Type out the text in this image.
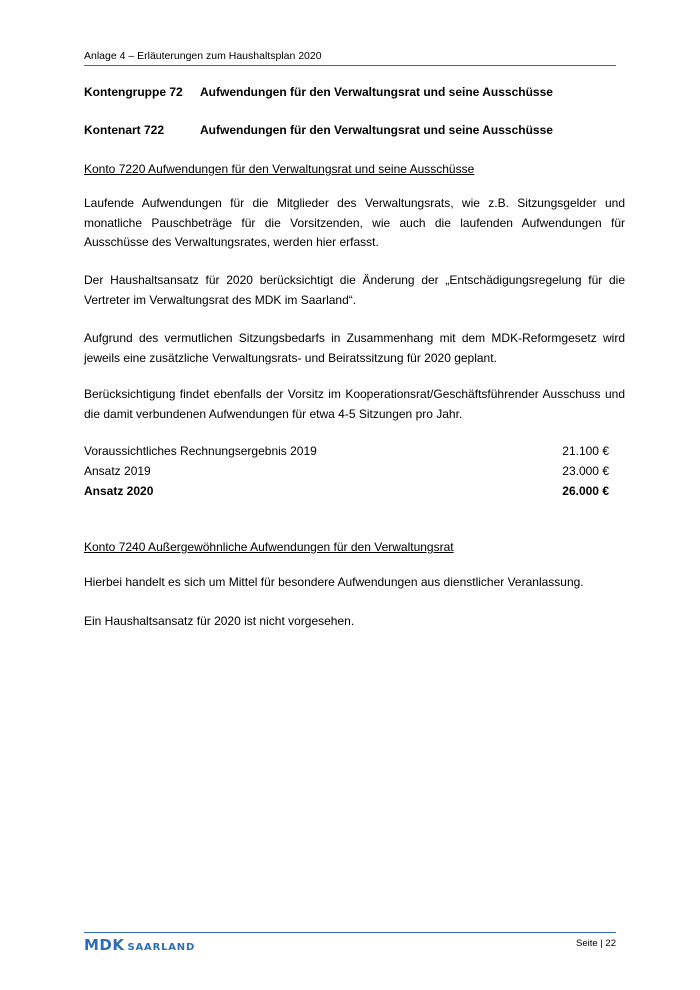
Anlage 4 – Erläuterungen zum Haushaltsplan 2020
Kontengruppe 72 Aufwendungen für den Verwaltungsrat und seine Ausschüsse
Kontenart 722	Aufwendungen für den Verwaltungsrat und seine Ausschüsse
Konto 7220 Aufwendungen für den Verwaltungsrat und seine Ausschüsse
Laufende Aufwendungen für die Mitglieder des Verwaltungsrats, wie z.B. Sitzungsgelder und monatliche Pauschbeträge für die Vorsitzenden, wie auch die laufenden Aufwendungen für Ausschüsse des Verwaltungsrates, werden hier erfasst.
Der Haushaltsansatz für 2020 berücksichtigt die Änderung der „Entschädigungsregelung für die Vertreter im Verwaltungsrat des MDK im Saarland“.
Aufgrund des vermutlichen Sitzungsbedarfs in Zusammenhang mit dem MDK-Reformgesetz wird jeweils eine zusätzliche Verwaltungsrats- und Beiratssitzung für 2020 geplant.
Berücksichtigung findet ebenfalls der Vorsitz im Kooperationsrat/Geschäftsführender Ausschuss und die damit verbundenen Aufwendungen für etwa 4-5 Sitzungen pro Jahr.
Voraussichtliches Rechnungsergebnis 2019	21.100 €
Ansatz 2019	23.000 €
Ansatz 2020	26.000 €
Konto 7240 Außergewöhnliche Aufwendungen für den Verwaltungsrat
Hierbei handelt es sich um Mittel für besondere Aufwendungen aus dienstlicher Veranlassung.
Ein Haushaltsansatz für 2020 ist nicht vorgesehen.
MDK SAARLAND	Seite | 22
